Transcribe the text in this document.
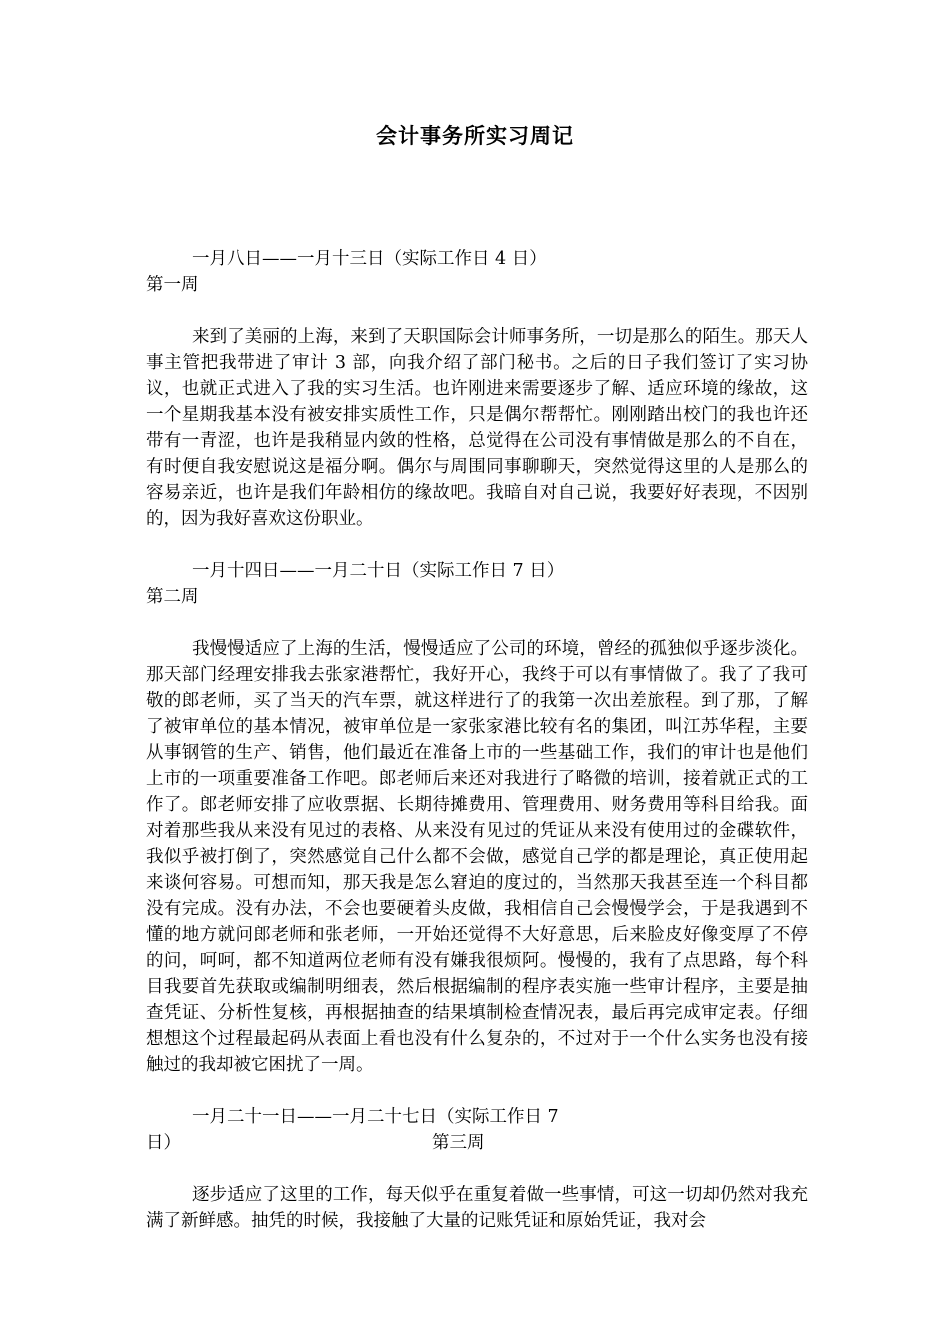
会计事务所实习周记

一月八日——一月十三日（实际工作日 4 日）

第一周

来到了美丽的上海，来到了天职国际会计师事务所，一切是那么的陌生。那天人事主管把我带进了审计 3 部，向我介绍了部门秘书。之后的日子我们签订了实习协议，也就正式进入了我的实习生活。也许刚进来需要逐步了解、适应环境的缘故，这一个星期我基本没有被安排实质性工作，只是偶尔帮帮忙。刚刚踏出校门的我也许还带有一青涩，也许是我稍显内敛的性格，总觉得在公司没有事情做是那么的不自在，有时便自我安慰说这是福分啊。偶尔与周围同事聊聊天，突然觉得这里的人是那么的容易亲近，也许是我们年龄相仿的缘故吧。我暗自对自己说，我要好好表现，不因别的，因为我好喜欢这份职业。

一月十四日——一月二十日（实际工作日 7 日）

第二周

我慢慢适应了上海的生活，慢慢适应了公司的环境，曾经的孤独似乎逐步淡化。那天部门经理安排我去张家港帮忙，我好开心，我终于可以有事情做了。我了了我可敬的郎老师，买了当天的汽车票，就这样进行了的我第一次出差旅程。到了那，了解了被审单位的基本情况，被审单位是一家张家港比较有名的集团，叫江苏华程，主要从事钢管的生产、销售，他们最近在准备上市的一些基础工作，我们的审计也是他们上市的一项重要准备工作吧。郎老师后来还对我进行了略微的培训，接着就正式的工作了。郎老师安排了应收票据、长期待摊费用、管理费用、财务费用等科目给我。面对着那些我从来没有见过的表格、从来没有见过的凭证从来没有使用过的金碟软件，我似乎被打倒了，突然感觉自己什么都不会做，感觉自己学的都是理论，真正使用起来谈何容易。可想而知，那天我是怎么窘迫的度过的，当然那天我甚至连一个科目都没有完成。没有办法，不会也要硬着头皮做，我相信自己会慢慢学会，于是我遇到不懂的地方就问郎老师和张老师，一开始还觉得不大好意思，后来脸皮好像变厚了不停的问，呵呵，都不知道两位老师有没有嫌我很烦阿。慢慢的，我有了点思路，每个科目我要首先获取或编制明细表，然后根据编制的程序表实施一些审计程序，主要是抽查凭证、分析性复核，再根据抽查的结果填制检查情况表，最后再完成审定表。仔细想想这个过程最起码从表面上看也没有什么复杂的，不过对于一个什么实务也没有接触过的我却被它困扰了一周。

一月二十一日——一月二十七日（实际工作日 7

日）	第三周

逐步适应了这里的工作，每天似乎在重复着做一些事情，可这一切却仍然对我充满了新鲜感。抽凭的时候，我接触了大量的记账凭证和原始凭证，我对会
